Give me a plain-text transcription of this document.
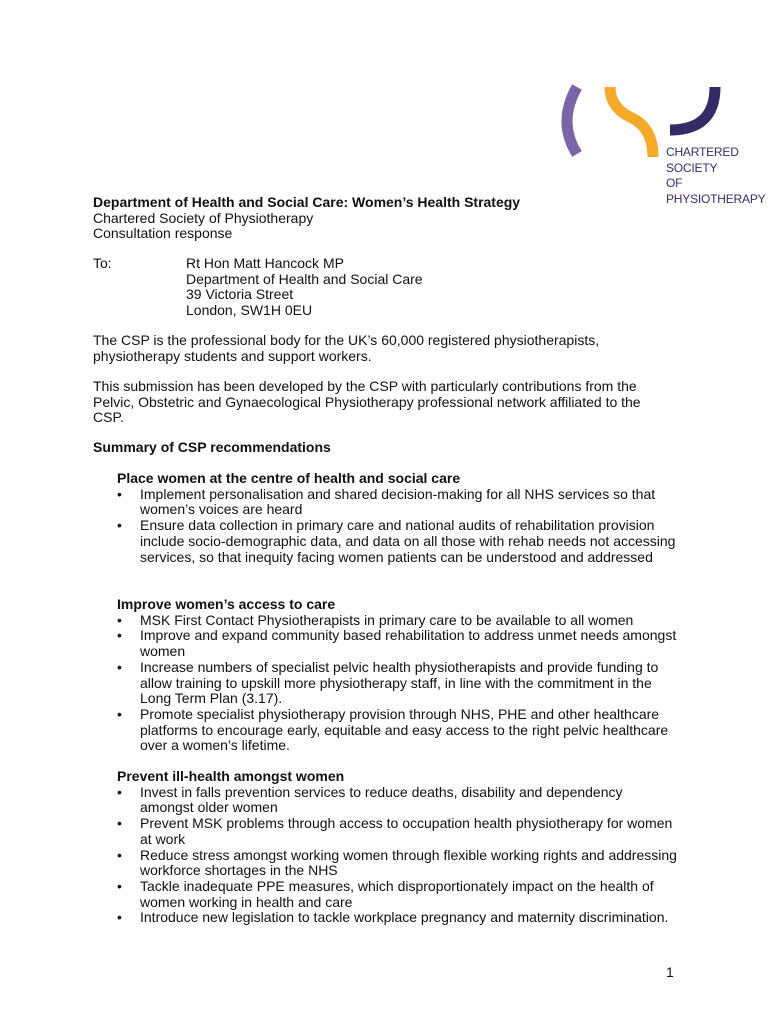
CHARTERED
SOCIETY
OF
PHYSIOTHERAPY

Department of Health and Social Care: Women’s Health Strategy

Chartered Society of Physiotherapy

Consultation response

To:	Rt Hon Matt Hancock MP

Department of Health and Social Care

39 Victoria Street

London, SW1H 0EU

The CSP is the professional body for the UK’s 60,000 registered physiotherapists, physiotherapy students and support workers.

This submission has been developed by the CSP with particularly contributions from the Pelvic, Obstetric and Gynaecological Physiotherapy professional network affiliated to the CSP.

Summary of CSP recommendations

Place women at the centre of health and social care

• Implement personalisation and shared decision-making for all NHS services so that women’s voices are heard
• Ensure data collection in primary care and national audits of rehabilitation provision include socio-demographic data, and data on all those with rehab needs not accessing services, so that inequity facing women patients can be understood and addressed

Improve women’s access to care

• MSK First Contact Physiotherapists in primary care to be available to all women
• Improve and expand community based rehabilitation to address unmet needs amongst women
• Increase numbers of specialist pelvic health physiotherapists and provide funding to allow training to upskill more physiotherapy staff, in line with the commitment in the Long Term Plan (3.17).
• Promote specialist physiotherapy provision through NHS, PHE and other healthcare platforms to encourage early, equitable and easy access to the right pelvic healthcare over a women’s lifetime.

Prevent ill-health amongst women

• Invest in falls prevention services to reduce deaths, disability and dependency amongst older women
• Prevent MSK problems through access to occupation health physiotherapy for women at work
• Reduce stress amongst working women through flexible working rights and addressing workforce shortages in the NHS
• Tackle inadequate PPE measures, which disproportionately impact on the health of women working in health and care
• Introduce new legislation to tackle workplace pregnancy and maternity discrimination.
1
